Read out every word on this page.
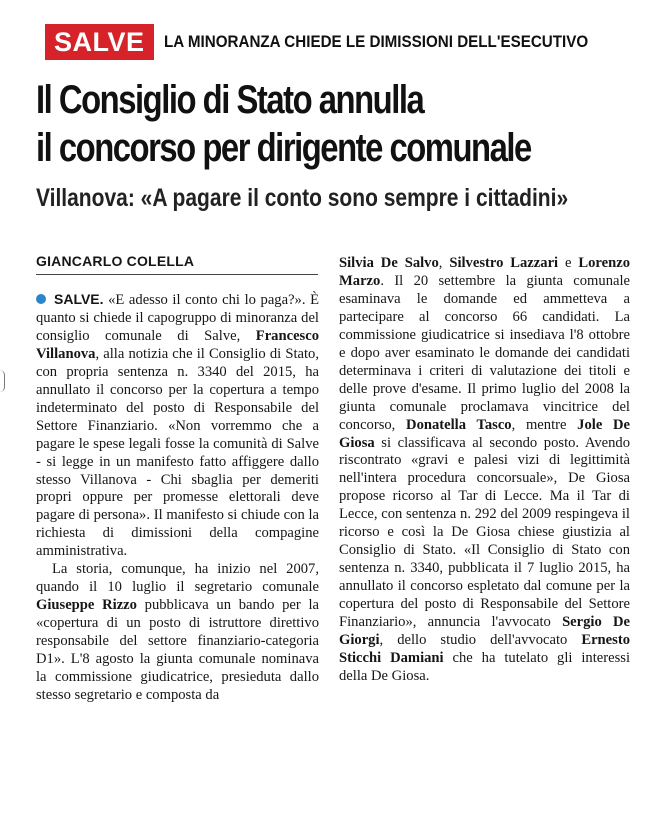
SALVE	LA MINORANZA CHIEDE LE DIMISSIONI DELL'ESECUTIVO
Il Consiglio di Stato annulla
il concorso per dirigente comunale
Villanova: «A pagare il conto sono sempre i cittadini»
GIANCARLO COLELLA

SALVE. «E adesso il conto chi lo paga?». È quanto si chiede il capogruppo di minoranza del consiglio comunale di Salve, Francesco Villanova, alla notizia che il Consiglio di Stato, con propria sentenza n. 3340 del 2015, ha annullato il concorso per la copertura a tempo indeterminato del posto di Responsabile del Settore Finanziario. «Non vorremmo che a pagare le spese legali fosse la comunità di Salve - si legge in un manifesto fatto affiggere dallo stesso Villanova - Chi sbaglia per demeriti propri oppure per promesse elettorali deve pagare di persona». Il manifesto si chiude con la richiesta di dimissioni della compagine amministrativa.

La storia, comunque, ha inizio nel 2007, quando il 10 luglio il segretario comunale Giuseppe Rizzo pubblicava un bando per la «copertura di un posto di istruttore direttivo responsabile del settore finanziario-categoria D1». L'8 agosto la giunta comunale nominava la commissione giudicatrice, presieduta dallo stesso segretario e composta da

Silvia De Salvo, Silvestro Lazzari e Lorenzo Marzo. Il 20 settembre la giunta comunale esaminava le domande ed ammetteva a partecipare al concorso 66 candidati. La commissione giudicatrice si insediava l'8 ottobre e dopo aver esaminato le domande dei candidati determinava i criteri di valutazione dei titoli e delle prove d'esame. Il primo luglio del 2008 la giunta comunale proclamava vincitrice del concorso, Donatella Tasco, mentre Jole De Giosa si classificava al secondo posto. Avendo riscontrato «gravi e palesi vizi di legittimità nell'intera procedura concorsuale», De Giosa propose ricorso al Tar di Lecce. Ma il Tar di Lecce, con sentenza n. 292 del 2009 respingeva il ricorso e così la De Giosa chiese giustizia al Consiglio di Stato. «Il Consiglio di Stato con sentenza n. 3340, pubblicata il 7 luglio 2015, ha annullato il concorso espletato dal comune per la copertura del posto di Responsabile del Settore Finanziario», annuncia l'avvocato Sergio De Giorgi, dello studio dell'avvocato Ernesto Sticchi Damiani che ha tutelato gli interessi della De Giosa.
